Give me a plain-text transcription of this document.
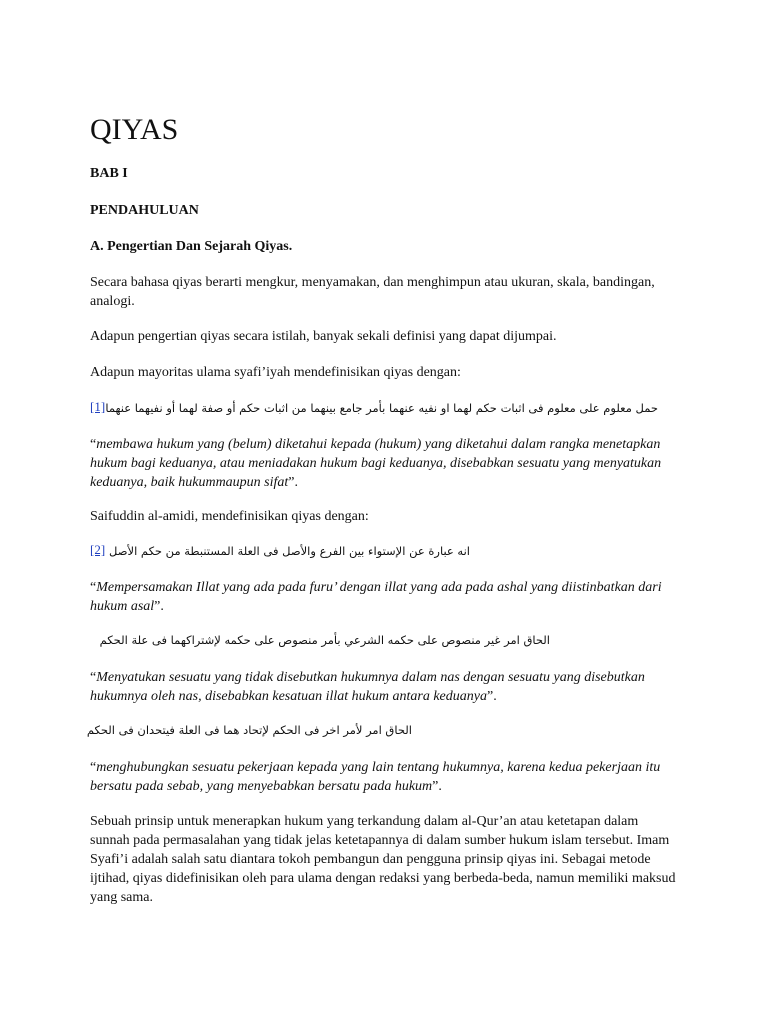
QIYAS

BAB I

PENDAHULUAN

A. Pengertian Dan Sejarah Qiyas.

Secara bahasa qiyas berarti mengkur, menyamakan, dan menghimpun atau ukuran, skala, bandingan, analogi.

Adapun pengertian qiyas secara istilah, banyak sekali definisi yang dapat dijumpai.

Adapun mayoritas ulama syafi’iyah mendefinisikan qiyas dengan:

[1] حمل معلوم على معلوم فى اثبات حكم لهما او نفيه عنهما بأمر جامع بينهما من اثبات حكم أو صفة لهما أو نفيهما عنهما

“membawa hukum yang (belum) diketahui kepada (hukum) yang diketahui dalam rangka menetapkan hukum bagi keduanya, atau meniadakan hukum bagi keduanya, disebabkan sesuatu yang menyatukan keduanya, baik hukummaupun sifat”.

Saifuddin al-amidi, mendefinisikan qiyas dengan:

[2] انه عبارة عن الإستواء بين الفرع والأصل فى العلة المستنبطة من حكم الأصل

“Mempersamakan Illat yang ada pada furu’ dengan illat yang ada pada ashal yang diistinbatkan dari hukum asal”.

الحاق امر غير منصوص على حكمه الشرعي بأمر منصوص على حكمه لإشتراكهما فى علة الحكم

“Menyatukan sesuatu yang tidak disebutkan hukumnya dalam nas dengan sesuatu yang disebutkan hukumnya oleh nas, disebabkan kesatuan illat hukum antara keduanya”.

الحاق امر لأمر اخر فى الحكم لإتحاد هما فى العلة فيتحدان فى الحكم

“menghubungkan sesuatu pekerjaan kepada yang lain tentang hukumnya, karena kedua pekerjaan itu bersatu pada sebab, yang menyebabkan bersatu pada hukum”.

Sebuah prinsip untuk menerapkan hukum yang terkandung dalam al-Qur’an atau ketetapan dalam sunnah pada permasalahan yang tidak jelas ketetapannya di dalam sumber hukum islam tersebut. Imam Syafi’i adalah salah satu diantara tokoh pembangun dan pengguna prinsip qiyas ini. Sebagai metode ijtihad, qiyas didefinisikan oleh para ulama dengan redaksi yang berbeda-beda, namun memiliki maksud yang sama.
